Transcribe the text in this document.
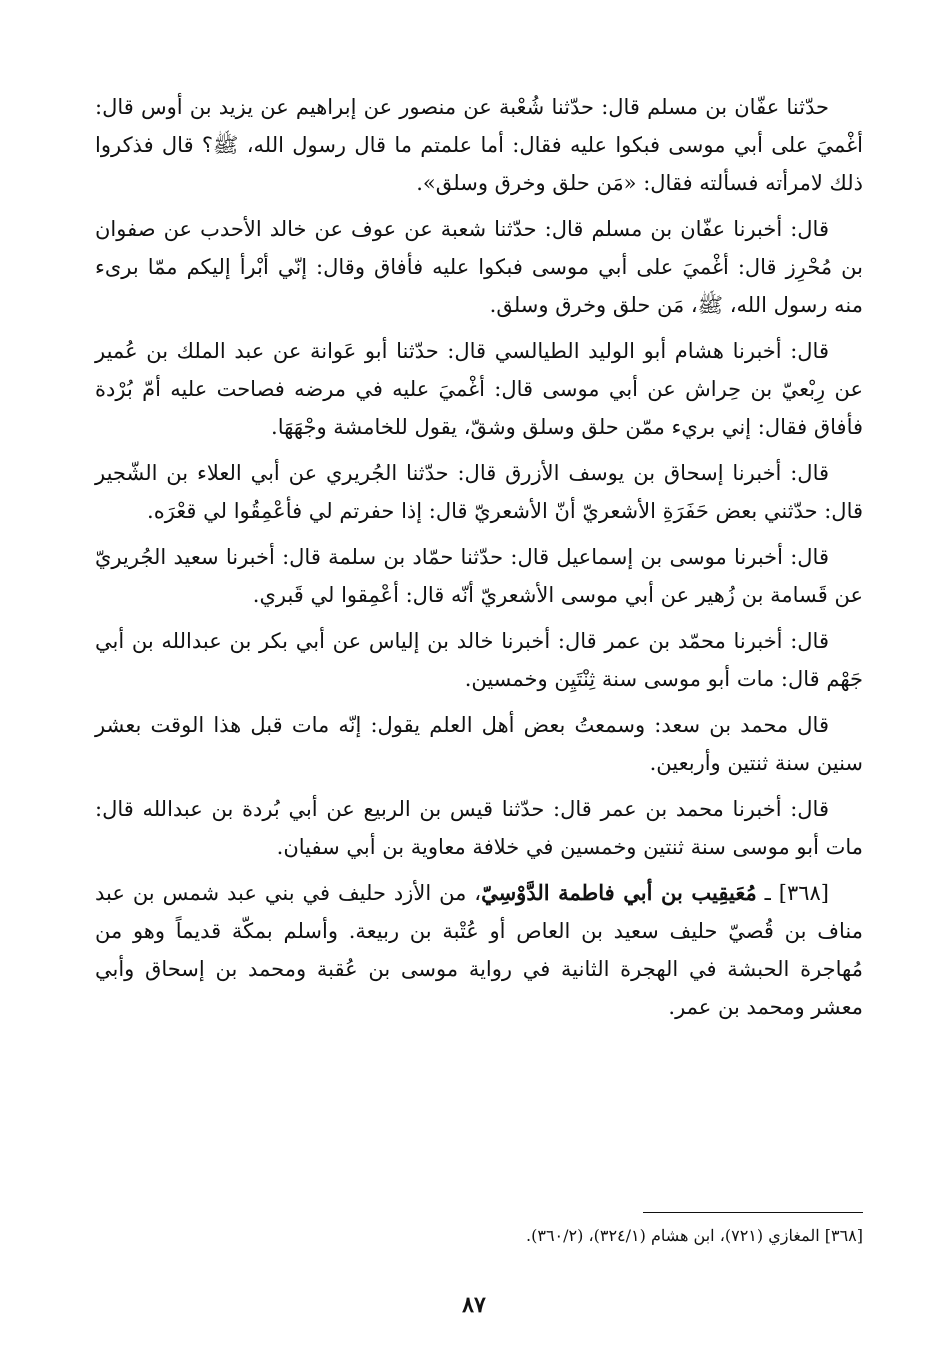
حدّثنا عفّان بن مسلم قال: حدّثنا شُعْبة عن منصور عن إبراهيم عن يزيد بن أوس قال: أغْميَ على أبي موسى فبكوا عليه فقال: أما علمتم ما قال رسول الله، ﷺ؟ قال فذكروا ذلك لامرأته فسألته فقال: «مَن حلق وخرق وسلق».

قال: أخبرنا عفّان بن مسلم قال: حدّثنا شعبة عن عوف عن خالد الأحدب عن صفوان بن مُحْرِز قال: أغْميَ على أبي موسى فبكوا عليه فأفاق وقال: إنّي أبْرأ إليكم ممّا برىء منه رسول الله، ﷺ، مَن حلق وخرق وسلق.

قال: أخبرنا هشام أبو الوليد الطيالسي قال: حدّثنا أبو عَوانة عن عبد الملك بن عُمير عن رِبْعيّ بن حِراش عن أبي موسى قال: أغْميَ عليه في مرضه فصاحت عليه أمّ بُرْدة فأفاق فقال: إني بريء ممّن حلق وسلق وشقّ، يقول للخامشة وجْهَهَا.

قال: أخبرنا إسحاق بن يوسف الأزرق قال: حدّثنا الجُريري عن أبي العلاء بن الشّجير قال: حدّثني بعض حَفَرَةِ الأشعريّ أنّ الأشعريّ قال: إذا حفرتم لي فأعْمِقُوا لي قعْرَه.

قال: أخبرنا موسى بن إسماعيل قال: حدّثنا حمّاد بن سلمة قال: أخبرنا سعيد الجُريريّ عن قَسامة بن زُهير عن أبي موسى الأشعريّ أنّه قال: أعْمِقوا لي قَبري.

قال: أخبرنا محمّد بن عمر قال: أخبرنا خالد بن إلياس عن أبي بكر بن عبدالله بن أبي جَهْم قال: مات أبو موسى سنة ثِنْتَيِن وخمسين.

قال محمد بن سعد: وسمعتُ بعض أهل العلم يقول: إنّه مات قبل هذا الوقت بعشر سنين سنة ثنتين وأربعين.

قال: أخبرنا محمد بن عمر قال: حدّثنا قيس بن الربيع عن أبي بُردة بن عبدالله قال: مات أبو موسى سنة ثنتين وخمسين في خلافة معاوية بن أبي سفيان.

[٣٦٨] ـ مُعَيقِيب بن أبي فاطمة الدَّوْسِيّ، من الأزد حليف في بني عبد شمس بن عبد مناف بن قُصيّ حليف سعيد بن العاص أو عُتْبة بن ربيعة. وأسلم بمكّة قديماً وهو من مُهاجرة الحبشة في الهجرة الثانية في رواية موسى بن عُقبة ومحمد بن إسحاق وأبي معشر ومحمد بن عمر.

[٣٦٨] المغازي (٧٢١)، ابن هشام (٣٢٤/١)، (٣٦٠/٢).
٨٧
